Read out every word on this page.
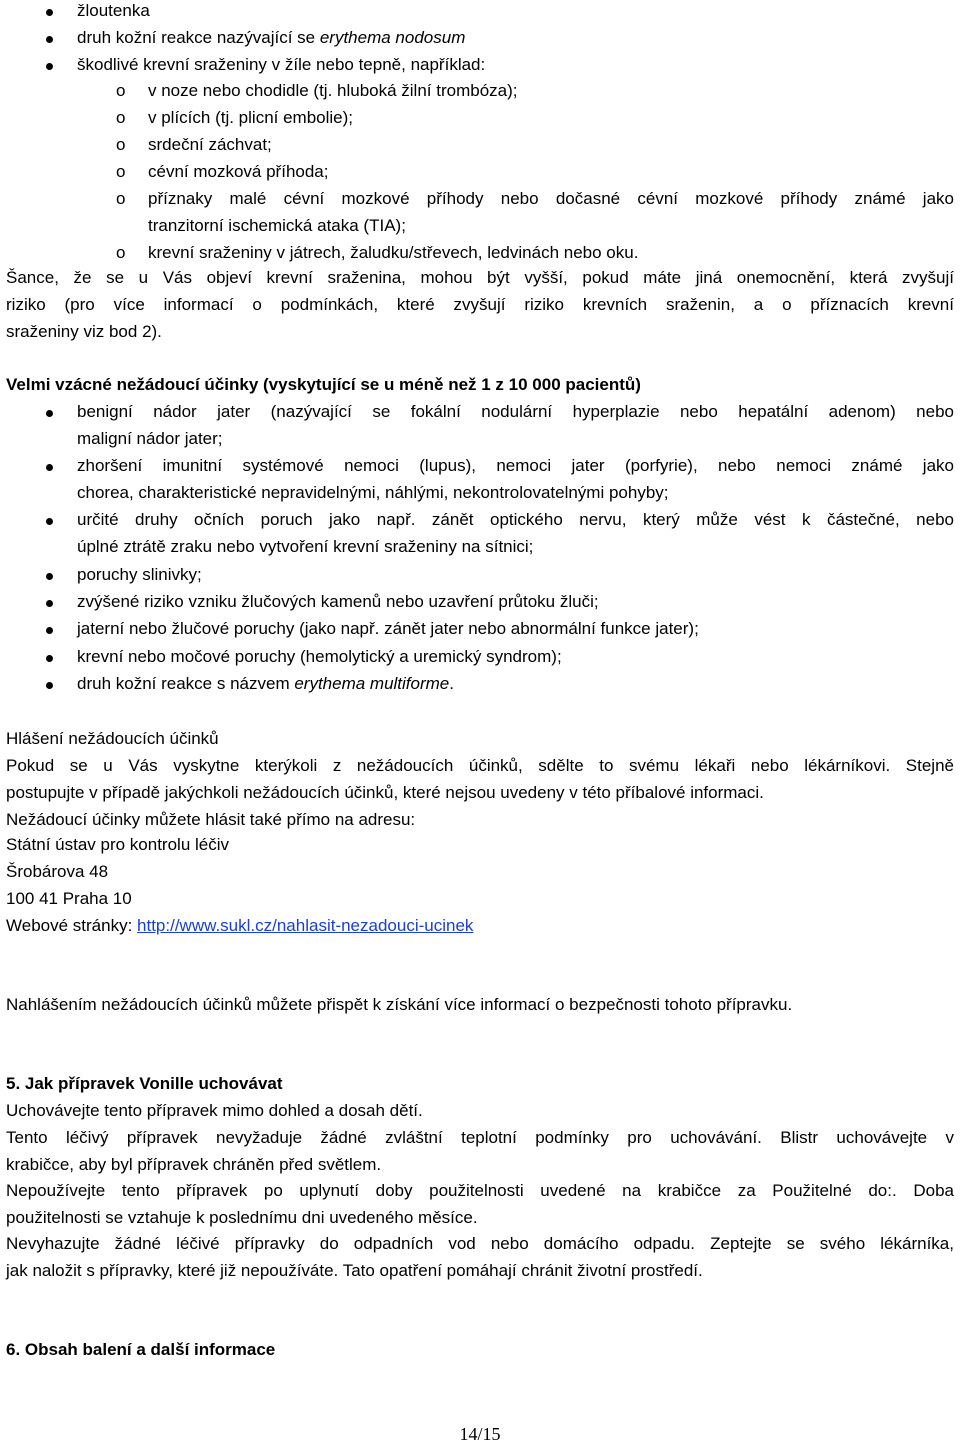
žloutenka
druh kožní reakce nazývající se erythema nodosum
škodlivé krevní sraženiny v žíle nebo tepně, například:
o v noze nebo chodidle (tj. hluboká žilní trombóza);
o v plících (tj. plicní embolie);
o srdeční záchvat;
o cévní mozková příhoda;
o příznaky malé cévní mozkové příhody nebo dočasné cévní mozkové příhody známé jako
tranzitorní ischemická ataka (TIA);
o krevní sraženiny v játrech, žaludku/střevech, ledvinách nebo oku.
Šance, že se u Vás objeví krevní sraženina, mohou být vyšší, pokud máte jiná onemocnění, která zvyšují
riziko (pro více informací o podmínkách, které zvyšují riziko krevních sraženin, a o příznacích krevní
sraženiny viz bod 2).
Velmi vzácné nežádoucí účinky (vyskytující se u méně než 1 z 10 000 pacientů)
benigní nádor jater (nazývající se fokální nodulární hyperplazie nebo hepatální adenom) nebo
maligní nádor jater;
zhoršení imunitní systémové nemoci (lupus), nemoci jater (porfyrie), nebo nemoci známé jako
chorea, charakteristické nepravidelnými, náhlými, nekontrolovatelnými pohyby;
určité druhy očních poruch jako např. zánět optického nervu, který může vést k částečné, nebo
úplné ztrátě zraku nebo vytvoření krevní sraženiny na sítnici;
poruchy slinivky;
zvýšené riziko vzniku žlučových kamenů nebo uzavření průtoku žluči;
jaterní nebo žlučové poruchy (jako např. zánět jater nebo abnormální funkce jater);
krevní nebo močové poruchy (hemolytický a uremický syndrom);
druh kožní reakce s názvem erythema multiforme.
Hlášení nežádoucích účinků
Pokud se u Vás vyskytne kterýkoli z nežádoucích účinků, sdělte to svému lékaři nebo lékárníkovi. Stejně
postupujte v případě jakýchkoli nežádoucích účinků, které nejsou uvedeny v této příbalové informaci.
Nežádoucí účinky můžete hlásit také přímo na adresu:
Státní ústav pro kontrolu léčiv
Šrobárova 48
100 41 Praha 10
Webové stránky: http://www.sukl.cz/nahlasit-nezadouci-ucinek
Nahlášením nežádoucích účinků můžete přispět k získání více informací o bezpečnosti tohoto přípravku.
5. Jak přípravek Vonille uchovávat
Uchovávejte tento přípravek mimo dohled a dosah dětí.
Tento léčivý přípravek nevyžaduje žádné zvláštní teplotní podmínky pro uchovávání. Blistr uchovávejte v
krabičce, aby byl přípravek chráněn před světlem.
Nepoužívejte tento přípravek po uplynutí doby použitelnosti uvedené na krabičce za Použitelné do:. Doba
použitelnosti se vztahuje k poslednímu dni uvedeného měsíce.
Nevyhazujte žádné léčivé přípravky do odpadních vod nebo domácího odpadu. Zeptejte se svého lékárníka,
jak naložit s přípravky, které již nepoužíváte. Tato opatření pomáhají chránit životní prostředí.
6. Obsah balení a další informace
14/15
